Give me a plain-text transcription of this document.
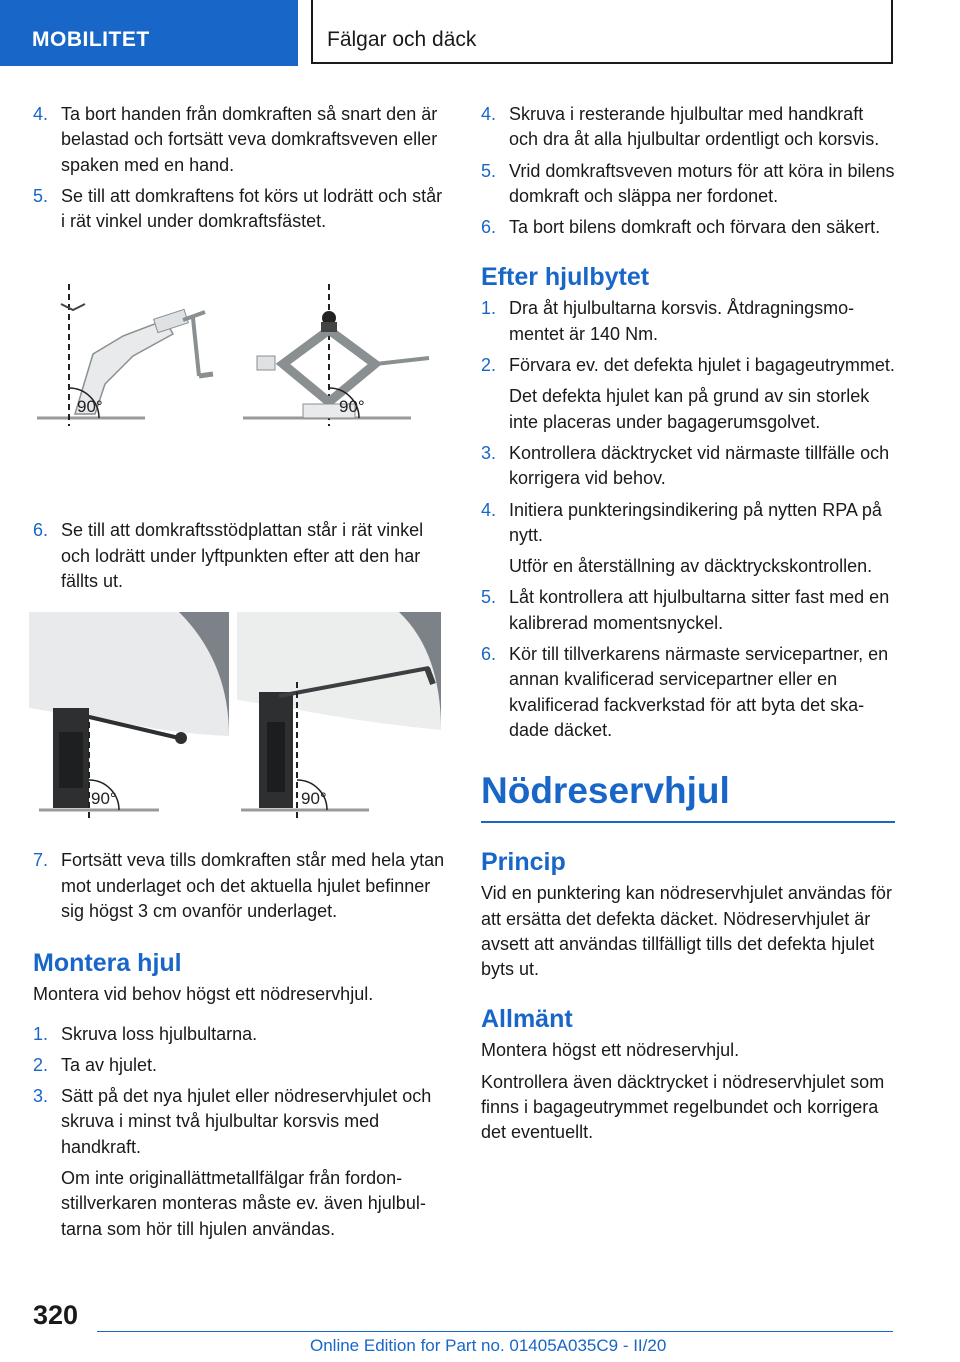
MOBILITET	Fälgar och däck
4. Ta bort handen från domkraften så snart den är belastad och fortsätt veva domkraftsveven eller spaken med en hand.

5. Se till att domkraftens fot körs ut lodrätt och står i rät vinkel under domkraftsfästet.

90°	90°
6. Se till att domkraftsstödplattan står i rät vinkel och lodrätt under lyftpunkten efter att den har fällts ut.

90°	90°
7. Fortsätt veva tills domkraften står med hela ytan mot underlaget och det aktuella hjulet befinner sig högst 3 cm ovanför underlaget.

Montera hjul

Montera vid behov högst ett nödreservhjul.

1. Skruva loss hjulbultarna.

2. Ta av hjulet.

3. Sätt på det nya hjulet eller nödreservhjulet och skruva i minst två hjulbultar korsvis med handkraft.

Om inte originallättmetallfälgar från fordonstillverkaren monteras måste ev. även hjulbultarna som hör till hjulen användas.

4. Skruva i resterande hjulbultar med handkraft och dra åt alla hjulbultar ordentligt och korsvis.

5. Vrid domkraftsveven moturs för att köra in bilens domkraft och släppa ner fordonet.

6. Ta bort bilens domkraft och förvara den säkert.

Efter hjulbytet
1. Dra åt hjulbultarna korsvis. Åtdragningsmomentet är 140 Nm.

2. Förvara ev. det defekta hjulet i bagageutrymmet.

Det defekta hjulet kan på grund av sin storlek inte placeras under bagagerumsgolvet.

3. Kontrollera däcktrycket vid närmaste tillfälle och korrigera vid behov.

4. Initiera punkteringsindikering på nytten RPA på nytt.

Utför en återställning av däcktryckskontrollen.

5. Låt kontrollera att hjulbultarna sitter fast med en kalibrerad momentsnyckel.

6. Kör till tillverkarens närmaste servicepartner, en annan kvalificerad servicepartner eller en kvalificerad fackverkstad för att byta det skadade däcket.

Nödreservhjul
Princip

Vid en punktering kan nödreservhjulet användas för att ersätta det defekta däcket. Nödreservhjulet är avsett att användas tillfälligt tills det defekta hjulet byts ut.

Allmänt

Montera högst ett nödreservhjul.

Kontrollera även däcktrycket i nödreservhjulet som finns i bagageutrymmet regelbundet och korrigera det eventuellt.

320
Online Edition for Part no. 01405A035C9 - II/20
